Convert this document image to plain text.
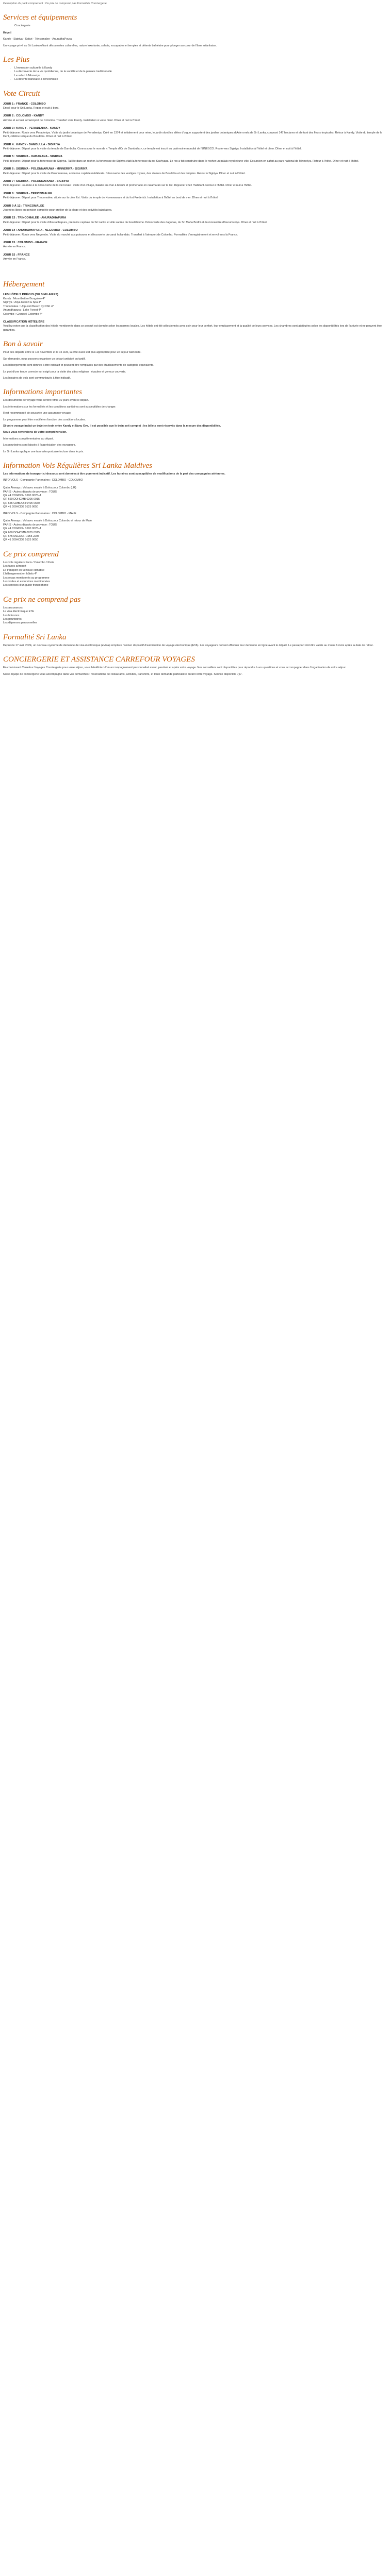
Description du pack comprenant : Ce prix ne comprend pas Formalités Conciergerie

Services et équipements
• Conciergerie

Réveil

Kandy - Sigiriya - Safari - Trincomalee - AnuradhaPoura

Un voyage privé au Sri Lanka offrant découvertes culturelles, nature luxuriante, safaris, escapades et temples et détente balnéaire pour plonger au cœur de l'âme srilankaise.

Les Plus
• L'immersion culturelle à Kandy
• La découverte de la vie quotidienne, de la société et de la pensée traditionnelle
• Le safari à Minneriya
• La détente balnéaire à Trincomalee
Vote Circuit
JOUR 1 : FRANCE - COLOMBO

Envol pour le Sri Lanka. Repas et nuit à bord.

JOUR 2 : COLOMBO - KANDY

Arrivée et accueil à l'aéroport de Colombo. Transfert vers Kandy. Installation à votre hôtel. Dîner et nuit à l'hôtel.

JOUR 3 : KANDY - PERADENIYA - KANDY

Petit-déjeuner. Route vers Peradeniya. Visite du jardin botanique de Peradeniya. Créé en 1374 et initialement pour reine, le jardin dont les allées d'orgue supportent des jardins botaniques d'Asie ornés de Sri Lanka, couvrant 147 hectares et abritant des fleurs tropicales. Retour à Kandy. Visite du temple de la Dent, célèbre relique du Bouddha. Dîner et nuit à l'hôtel.

JOUR 4 : KANDY - DAMBULLA - SIGIRIYA

Petit-déjeuner. Départ pour la visite du temple de Dambulla. Connu sous le nom de « Temple d'Or de Dambulla », ce temple est inscrit au patrimoine mondial de l'UNESCO. Route vers Sigiriya. Installation à l'hôtel et dîner. Dîner et nuit à l'hôtel.

JOUR 5 : SIGIRIYA - HABARANA - SIGIRIYA

Petit-déjeuner. Départ pour la forteresse de Sigiriya. Taillée dans un rocher, la forteresse de Sigiriya était la forteresse du roi Kashyapa. Le roc a fait construire dans le rocher un palais royal et une ville. Excursion en safari au parc national de Minneriya. Retour à l'hôtel. Dîner et nuit à l'hôtel.

JOUR 6 : SIGIRIYA - POLONNARUWA - MINNERIYA - SIGIRIYA

Petit-déjeuner. Départ pour la visite de Polonnaruwa, ancienne capitale médiévale. Découverte des vestiges royaux, des statues de Bouddha et des temples. Retour à Sigiriya. Dîner et nuit à l'hôtel.

JOUR 7 : SIGIRIYA - POLONNARUWA - SIGIRIYA

Petit-déjeuner. Journée à la découverte de la vie locale : visite d'un village, balade en char à bœufs et promenade en catamaran sur le lac. Déjeuner chez l'habitant. Retour à l'hôtel. Dîner et nuit à l'hôtel.

JOUR 8 : SIGIRIYA - TRINCOMALEE

Petit-déjeuner. Départ pour Trincomalee, située sur la côte Est. Visite du temple de Koneswaram et du fort Frederick. Installation à l'hôtel en bord de mer. Dîner et nuit à l'hôtel.

JOUR 9 À 12 : TRINCOMALEE

Journées libres en pension complète pour profiter de la plage et des activités balnéaires.

JOUR 13 : TRINCOMALEE - ANURADHAPURA

Petit-déjeuner. Départ pour la visite d'Anuradhapura, première capitale du Sri Lanka et ville sacrée du bouddhisme. Découverte des dagobas, du Sri Maha Bodhi et du monastère d'Isurumuniya. Dîner et nuit à l'hôtel.

JOUR 14 : ANURADHAPURA - NEGOMBO - COLOMBO

Petit-déjeuner. Route vers Negombo. Visite du marché aux poissons et découverte du canal hollandais. Transfert à l'aéroport de Colombo. Formalités d'enregistrement et envol vers la France.

JOUR 15 : COLOMBO - FRANCE

Arrivée en France.

JOUR 15 : FRANCE

Arrivée en France.

Hébergement
LES HÔTELS PRÉVUS (OU SIMILAIRES)

Kandy : Mountbatten Bungalow 4*
Sigiriya : Aliya Resort & Spa 4*
Trincomalee : Uppuveli Beach by DSK 4*
Anuradhapura : Lake Forest 4*
Colombo : Granbell Colombo 4*

CLASSIFICATION HÔTELIÈRE

Veuillez noter que la classification des hôtels mentionnée dans ce produit est donnée selon les normes locales. Les hôtels ont été sélectionnés avec soin pour leur confort, leur emplacement et la qualité de leurs services. Les chambres sont attribuées selon les disponibilités lors de l'arrivée et ne peuvent être garanties.

Bon à savoir

Pour des départs entre le 1er novembre et le 15 avril, la côte ouest est plus appropriée pour un séjour balnéaire.

Sur demande, nous pouvons organiser un départ anticipé ou tardif.

Les hébergements sont donnés à titre indicatif et peuvent être remplacés par des établissements de catégorie équivalente.

Le port d'une tenue correcte est exigé pour la visite des sites religieux : épaules et genoux couverts.

Les horaires de vols sont communiqués à titre indicatif.

Informations importantes

Les documents de voyage vous seront remis 10 jours avant le départ.

Les informations sur les formalités et les conditions sanitaires sont susceptibles de changer.

Il est recommandé de souscrire une assurance voyage.

Le programme peut être modifié en fonction des conditions locales.

Si votre voyage inclut un trajet en train entre Kandy et Nanu Oya, il est possible que le train soit complet ; les billets sont réservés dans la mesure des disponibilités.

Nous vous remercions de votre compréhension.

Informations complémentaires au départ.

Les pourboires sont laissés à l'appréciation des voyageurs.

Le Sri Lanka applique une taxe aéroportuaire incluse dans le prix.

Information Vols Régulières Sri Lanka Maldives

Les informations de transport ci-dessous sont données à titre purement indicatif. Les horaires sont susceptibles de modifications de la part des compagnies aériennes.

INFO VOLS - Compagnie Partenaires : COLOMBO - COLOMBO

Qatar Airways : Vol avec escale à Doha pour Colombo (LR)
PARIS - Autres départs de province : TOUS
QR 44 CDGDOH 1600 0025+1
QR 660 DOHCMB 0205 0915
QR 655 CMBDOH 0405 0650
QR 41 DOHCDG 0125 0650

INFO VOLS - Compagnie Partenaires : COLOMBO - MALE

Qatar Airways : Vol avec escale à Doha pour Colombo et retour de Male
PARIS - Autres départs de province : TOUS
QR 44 CDGDOH 1600 0025+1
QR 660 DOHCMB 0205 0915
QR 675 MLEDOH 1955 2205
QR 41 DOHCDG 0125 0650

Ce prix comprend

Les vols réguliers Paris / Colombo / Paris
Les taxes aéroport
Le transport en véhicule climatisé
L'hébergement en hôtels 4*
Les repas mentionnés au programme
Les visites et excursions mentionnées
Les services d'un guide francophone

Ce prix ne comprend pas

Les assurances
Le visa électronique ETA
Les boissons
Les pourboires
Les dépenses personnelles

Formalité Sri Lanka

Depuis le 17 avril 2024, un nouveau système de demande de visa électronique (eVisa) remplace l'ancien dispositif d'autorisation de voyage électronique (ETA). Les voyageurs doivent effectuer leur demande en ligne avant le départ. Le passeport doit être valide au moins 6 mois après la date de retour.

CONCIERGERIE ET ASSISTANCE CARREFOUR VOYAGES

En choisissant Carrefour Voyages Conciergerie pour votre séjour, vous bénéficiez d'un accompagnement personnalisé avant, pendant et après votre voyage. Nos conseillers sont disponibles pour répondre à vos questions et vous accompagner dans l'organisation de votre séjour.

Notre équipe de conciergerie vous accompagne dans vos démarches : réservations de restaurants, activités, transferts, et toute demande particulière durant votre voyage. Service disponible 7j/7.
